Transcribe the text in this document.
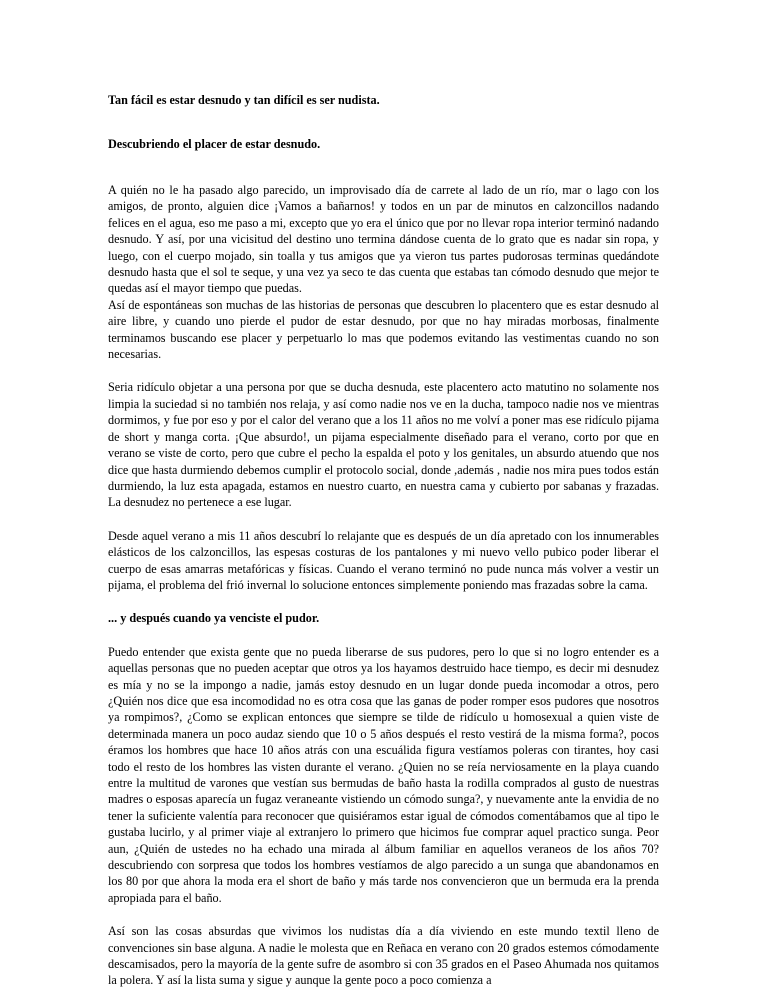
Tan fácil es estar desnudo y tan difícil es ser nudista.

Descubriendo el placer de estar desnudo.

A quién no le ha pasado algo parecido, un improvisado día de carrete al lado de un río, mar o lago con los amigos, de pronto, alguien dice ¡Vamos a bañarnos! y todos en un par de minutos en calzoncillos nadando felices en el agua, eso me paso a mi, excepto que yo era el único que por no llevar ropa interior terminó nadando desnudo. Y así, por una vicisitud del destino uno termina dándose cuenta de lo grato que es nadar sin ropa, y luego, con el cuerpo mojado, sin toalla y tus amigos que ya vieron tus partes pudorosas terminas quedándote desnudo hasta que el sol te seque, y una vez ya seco te das cuenta que estabas tan cómodo desnudo que mejor te quedas así el mayor tiempo que puedas.

Así de espontáneas son muchas de las historias de personas que descubren lo placentero que es estar desnudo al aire libre, y cuando uno pierde el pudor de estar desnudo, por que no hay miradas morbosas, finalmente terminamos buscando ese placer y perpetuarlo lo mas que podemos evitando las vestimentas cuando no son necesarias.

Seria ridículo objetar a una persona por que se ducha desnuda, este placentero acto matutino no solamente nos limpia la suciedad si no también nos relaja, y así como nadie nos ve en la ducha, tampoco nadie nos ve mientras dormimos, y fue por eso y por el calor del verano que a los 11 años no me volví a poner mas ese ridículo pijama de short y manga corta. ¡Que absurdo!, un pijama especialmente diseñado para el verano, corto por que en verano se viste de corto, pero que cubre el pecho la espalda el poto y los genitales, un absurdo atuendo que nos dice que hasta durmiendo debemos cumplir el protocolo social, donde ,además , nadie nos mira pues todos están durmiendo, la luz esta apagada, estamos en nuestro cuarto, en nuestra cama y cubierto por sabanas y frazadas. La desnudez no pertenece a ese lugar.

Desde aquel verano a mis 11 años descubrí lo relajante que es después de un día apretado con los innumerables elásticos de los calzoncillos, las espesas costuras de los pantalones y mi nuevo vello pubico poder liberar el cuerpo de esas amarras metafóricas y físicas. Cuando el verano terminó no pude nunca más volver a vestir un pijama, el problema del frió invernal lo solucione entonces simplemente poniendo mas frazadas sobre la cama.

... y después cuando ya venciste el pudor.

Puedo entender que exista gente que no pueda liberarse de sus pudores, pero lo que si no logro entender es a aquellas personas que no pueden aceptar que otros ya los hayamos destruido hace tiempo, es decir mi desnudez es mía y no se la impongo a nadie, jamás estoy desnudo en un lugar donde pueda incomodar a otros, pero ¿Quién nos dice que esa incomodidad no es otra cosa que las ganas de poder romper esos pudores que nosotros ya rompimos?, ¿Como se explican entonces que siempre se tilde de ridículo u homosexual a quien viste de determinada manera un poco audaz siendo que 10 o 5 años después el resto vestirá de la misma forma?, pocos éramos los hombres que hace 10 años atrás con una escuálida figura vestíamos poleras con tirantes, hoy casi todo el resto de los hombres las visten durante el verano. ¿Quien no se reía nerviosamente en la playa cuando entre la multitud de varones que vestían sus bermudas de baño hasta la rodilla comprados al gusto de nuestras madres o esposas aparecía un fugaz veraneante vistiendo un cómodo sunga?, y nuevamente ante la envidia de no tener la suficiente valentía para reconocer que quisiéramos estar igual de cómodos comentábamos que al tipo le gustaba lucirlo, y al primer viaje al extranjero lo primero que hicimos fue comprar aquel practico sunga. Peor aun, ¿Quién de ustedes no ha echado una mirada al álbum familiar en aquellos veraneos de los años 70? descubriendo con sorpresa que todos los hombres vestíamos de algo parecido a un sunga que abandonamos en los 80 por que ahora la moda era el short de baño y más tarde nos convencieron que un bermuda era la prenda apropiada para el baño.

Así son las cosas absurdas que vivimos los nudistas día a día viviendo en este mundo textil lleno de convenciones sin base alguna. A nadie le molesta que en Reñaca en verano con 20 grados estemos cómodamente descamisados, pero la mayoría de la gente sufre de asombro si con 35 grados en el Paseo Ahumada nos quitamos la polera. Y así la lista suma y sigue y aunque la gente poco a poco comienza a
